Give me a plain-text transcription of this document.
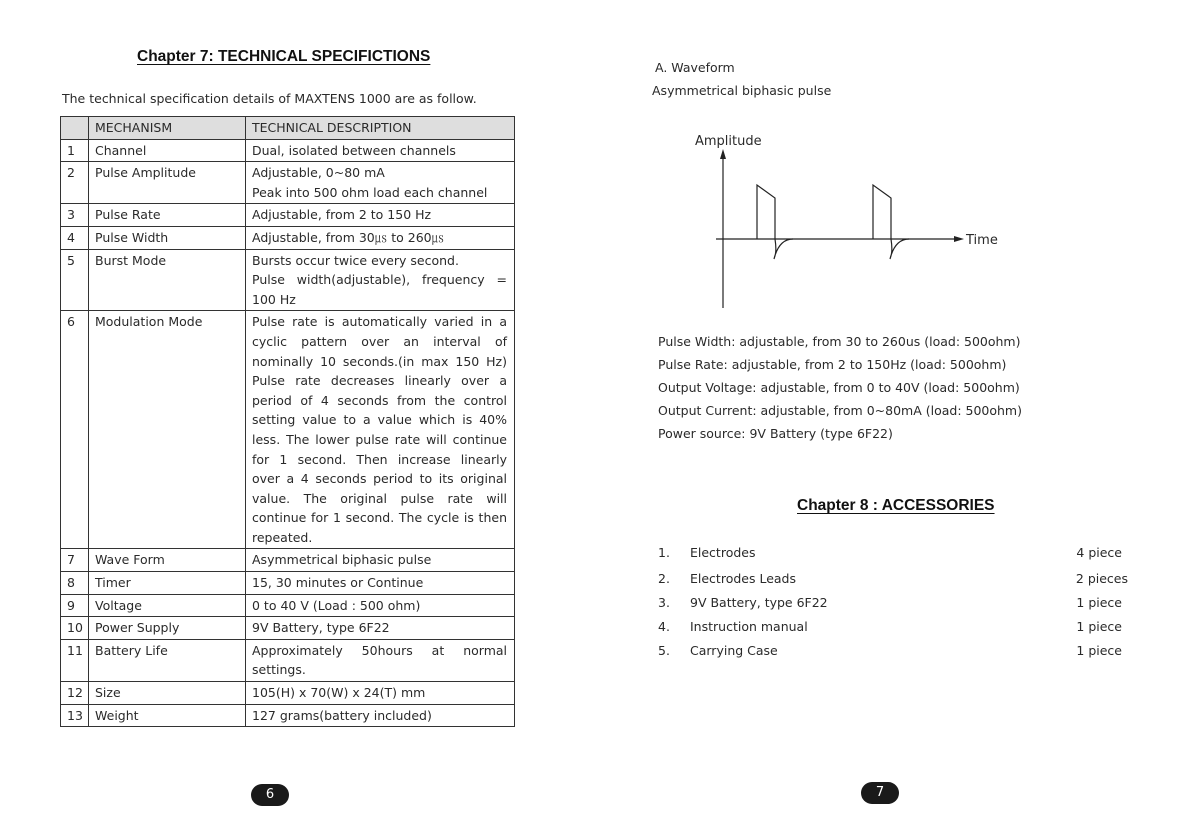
Chapter 7: TECHNICAL SPECIFICTIONS
The technical specification details of MAXTENS 1000 are as follow.
	MECHANISM	TECHNICAL DESCRIPTION
1	Channel	Dual, isolated between channels

2	Pulse Amplitude	Adjustable, 0~80 mA
Peak into 500 ohm load each channel

3	Pulse Rate	Adjustable, from 2 to 150 Hz

4	Pulse Width	Adjustable, from 30㎲ to 260㎲

5	Burst Mode	Bursts occur twice every second.
Pulse width(adjustable), frequency = 100 Hz

6	Modulation Mode	Pulse rate is automatically varied in a cyclic pattern over an interval of nominally 10 seconds.(in max 150 Hz) Pulse rate decreases linearly over a period of 4 seconds from the control setting value to a value which is 40% less. The lower pulse rate will continue for 1 second. Then increase linearly over a 4 seconds period to its original value. The original pulse rate will continue for 1 second. The cycle is then repeated.

7	Wave Form	Asymmetrical biphasic pulse

8	Timer	15, 30 minutes or Continue

9	Voltage	0 to 40 V (Load : 500 ohm)

10	Power Supply	9V Battery, type 6F22

11	Battery Life	Approximately 50hours at normal settings.

12	Size	105(H) x 70(W) x 24(T) mm

13	Weight	127 grams(battery included)
6
A. Waveform
Asymmetrical biphasic pulse
Amplitude
Time
Pulse Width: adjustable, from 30 to 260us (load: 500ohm)
Pulse Rate: adjustable, from 2 to 150Hz (load: 500ohm)
Output Voltage: adjustable, from 0 to 40V (load: 500ohm)
Output Current: adjustable, from 0~80mA (load: 500ohm)
Power source: 9V Battery (type 6F22)
Chapter 8 : ACCESSORIES
1. Electrodes	4 piece
2. Electrodes Leads	2 pieces
3. 9V Battery, type 6F22	1 piece
4. Instruction manual	1 piece
5. Carrying Case	1 piece
7
